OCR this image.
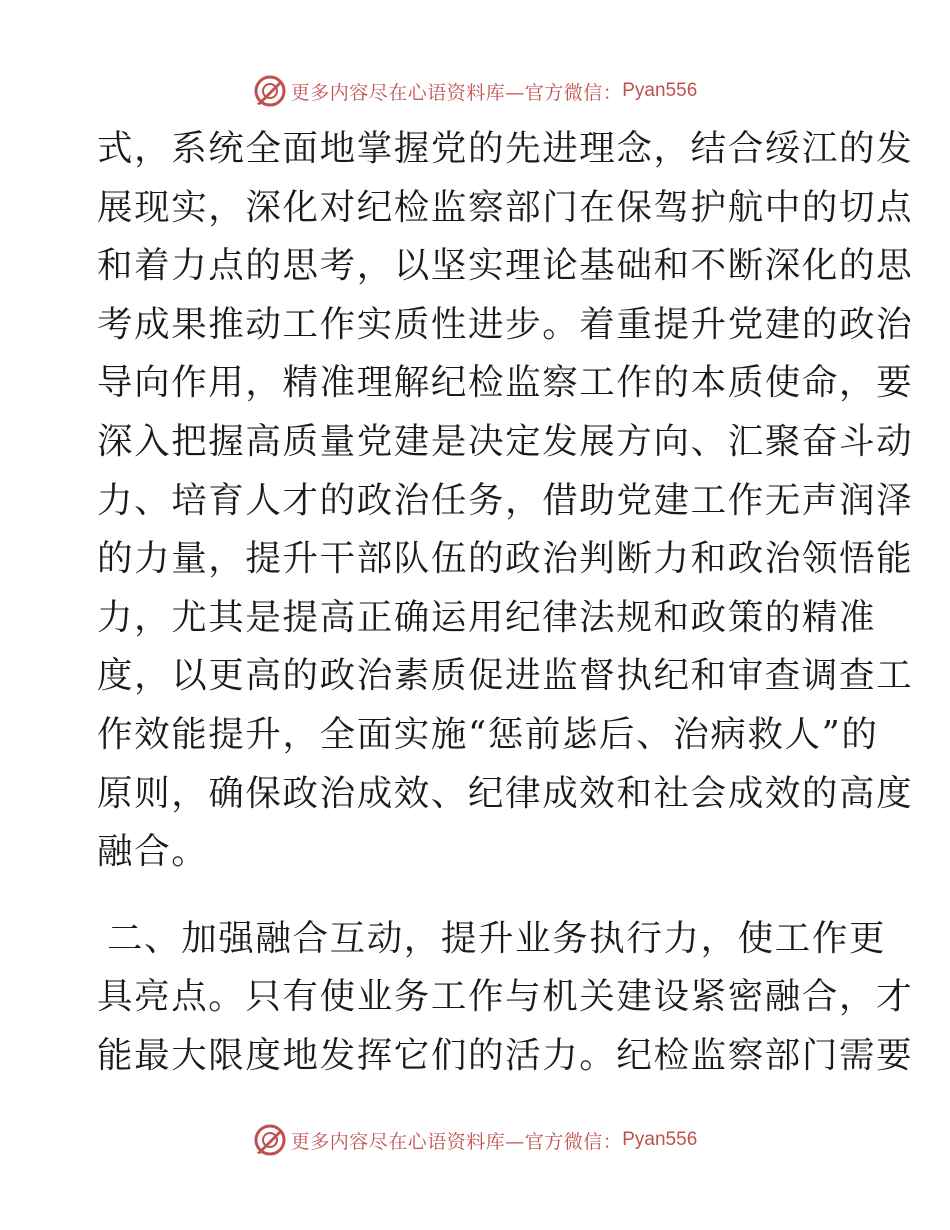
更多内容尽在心语资料库—官方微信： Pyan556
式，系统全面地掌握党的先进理念，结合绥江的发
展现实，深化对纪检监察部门在保驾护航中的切点
和着力点的思考，以坚实理论基础和不断深化的思
考成果推动工作实质性进步。着重提升党建的政治
导向作用，精准理解纪检监察工作的本质使命，要
深入把握高质量党建是决定发展方向、汇聚奋斗动
力、培育人才的政治任务，借助党建工作无声润泽
的力量，提升干部队伍的政治判断力和政治领悟能
力，尤其是提高正确运用纪律法规和政策的精准
度，以更高的政治素质促进监督执纪和审查调查工
作效能提升，全面实施“惩前毖后、治病救人”的
原则，确保政治成效、纪律成效和社会成效的高度
融合。
二、加强融合互动，提升业务执行力，使工作更
具亮点。只有使业务工作与机关建设紧密融合，才
能最大限度地发挥它们的活力。纪检监察部门需要
更多内容尽在心语资料库—官方微信： Pyan556
